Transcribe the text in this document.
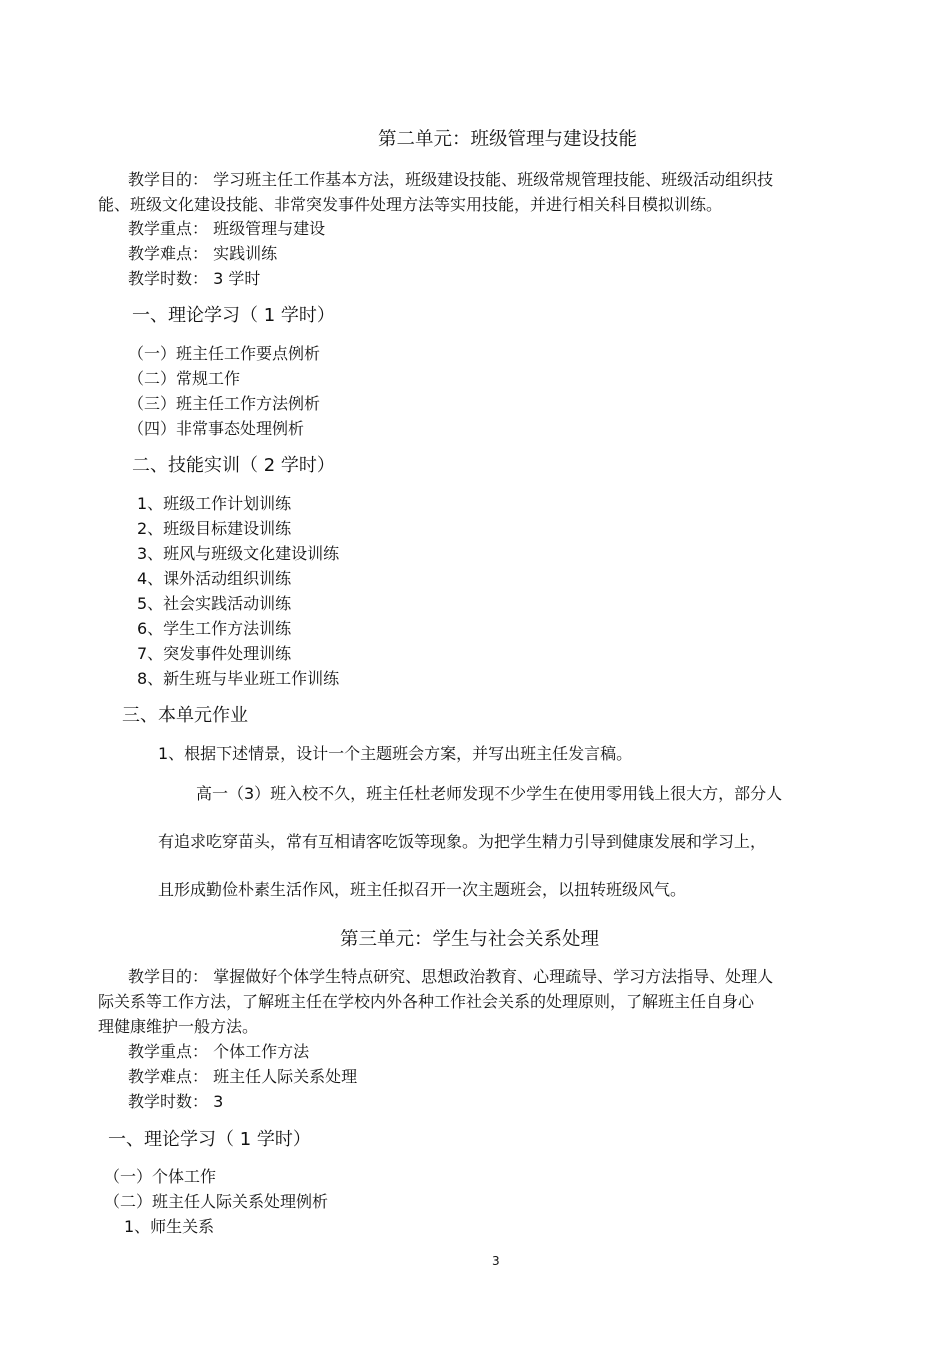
第二单元：班级管理与建设技能
教学目的： 学习班主任工作基本方法，班级建设技能、班级常规管理技能、班级活动组织技
能、班级文化建设技能、非常突发事件处理方法等实用技能，并进行相关科目模拟训练。
教学重点： 班级管理与建设
教学难点： 实践训练
教学时数： 3 学时
一、理论学习（ 1 学时）
（一）班主任工作要点例析
（二）常规工作
（三）班主任工作方法例析
（四）非常事态处理例析
二、技能实训（ 2 学时）
1、班级工作计划训练
2、班级目标建设训练
3、班风与班级文化建设训练
4、课外活动组织训练
5、社会实践活动训练
6、学生工作方法训练
7、突发事件处理训练
8、新生班与毕业班工作训练
三、本单元作业
1、根据下述情景，设计一个主题班会方案，并写出班主任发言稿。
高一（3）班入校不久，班主任杜老师发现不少学生在使用零用钱上很大方，部分人
有追求吃穿苗头，常有互相请客吃饭等现象。为把学生精力引导到健康发展和学习上，
且形成勤俭朴素生活作风，班主任拟召开一次主题班会，以扭转班级风气。
第三单元：学生与社会关系处理
教学目的： 掌握做好个体学生特点研究、思想政治教育、心理疏导、学习方法指导、处理人
际关系等工作方法，了解班主任在学校内外各种工作社会关系的处理原则，了解班主任自身心
理健康维护一般方法。
教学重点： 个体工作方法
教学难点： 班主任人际关系处理
教学时数： 3
一、理论学习（ 1 学时）
（一）个体工作
（二）班主任人际关系处理例析
1、师生关系
3
